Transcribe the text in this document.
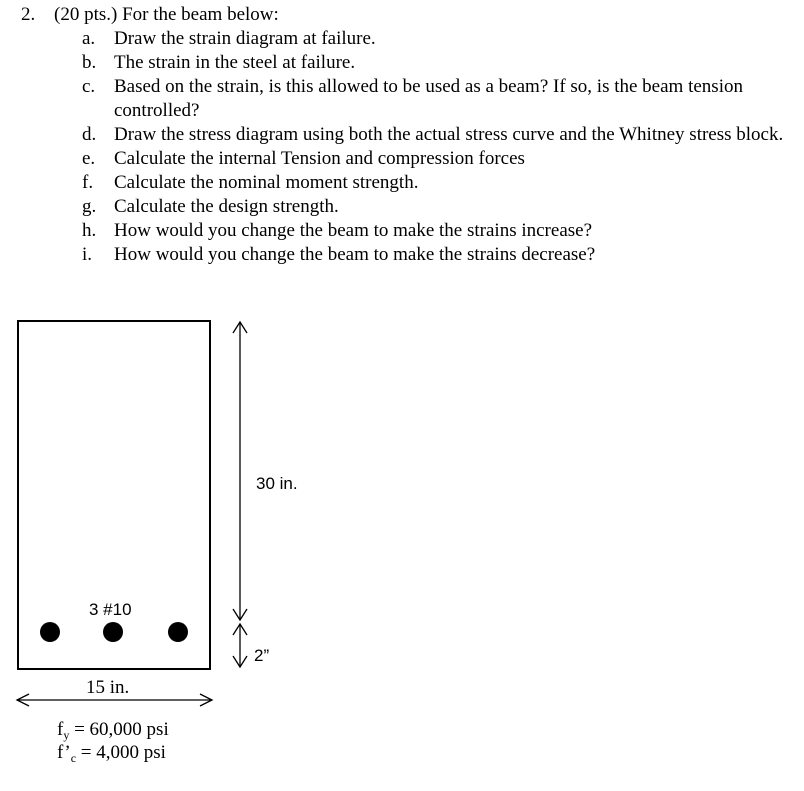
2. (20 pts.) For the beam below:
a. Draw the strain diagram at failure.
b. The strain in the steel at failure.
c. Based on the strain, is this allowed to be used as a beam? If so, is the beam tension controlled?
d. Draw the stress diagram using both the actual stress curve and the Whitney stress block.
e. Calculate the internal Tension and compression forces
f. Calculate the nominal moment strength.
g. Calculate the design strength.
h. How would you change the beam to make the strains increase?
i. How would you change the beam to make the strains decrease?
3 #10
30 in.
2”
15 in.
$f_y = 60,000$ psi
$f’_c = 4,000$ psi
